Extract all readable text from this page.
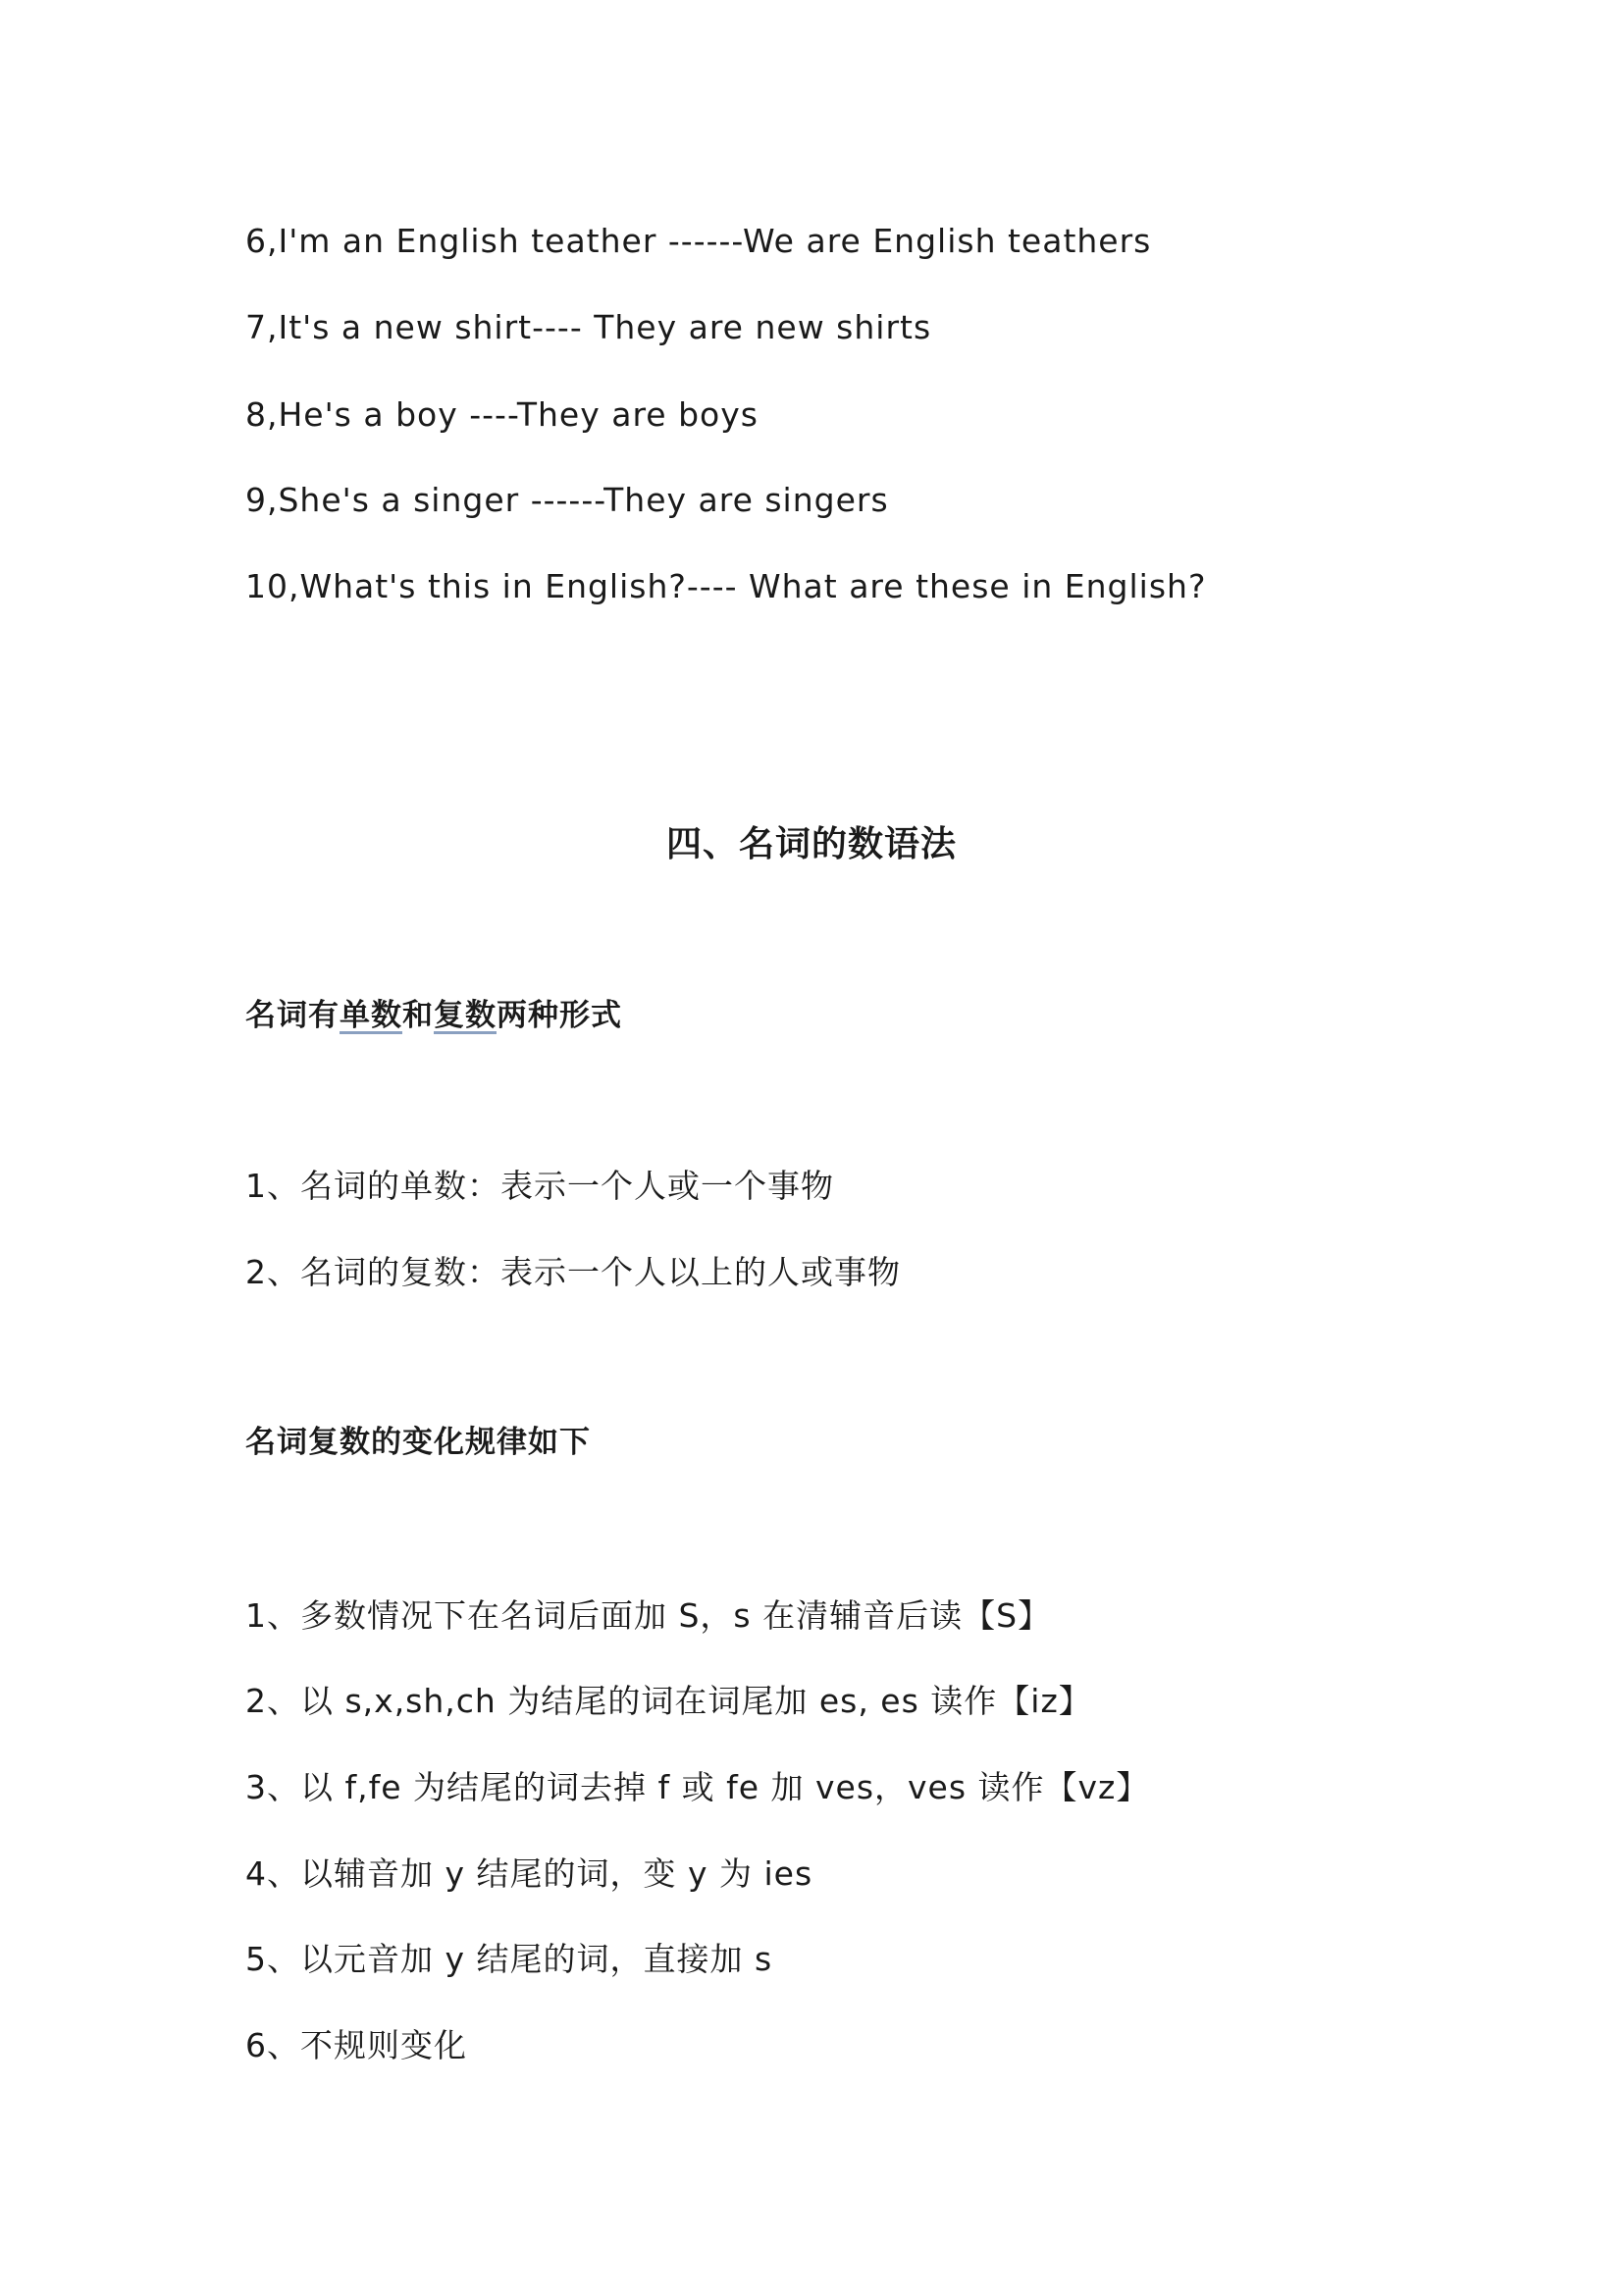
6,I'm an English teather ------We are English teathers
7,It's a new shirt---- They are new shirts
8,He's a boy ----They are boys
9,She's a singer ------They are singers
10,What's this in English?---- What are these in English?
四、名词的数语法
名词有单数和复数两种形式
1、名词的单数：表示一个人或一个事物
2、名词的复数：表示一个人以上的人或事物
名词复数的变化规律如下
1、多数情况下在名词后面加 S，s 在清辅音后读【S】
2、以 s,x,sh,ch 为结尾的词在词尾加 es, es 读作【iz】
3、以 f,fe 为结尾的词去掉 f 或 fe 加 ves，ves 读作【vz】
4、以辅音加 y 结尾的词，变 y 为 ies
5、以元音加 y 结尾的词，直接加 s
6、不规则变化
